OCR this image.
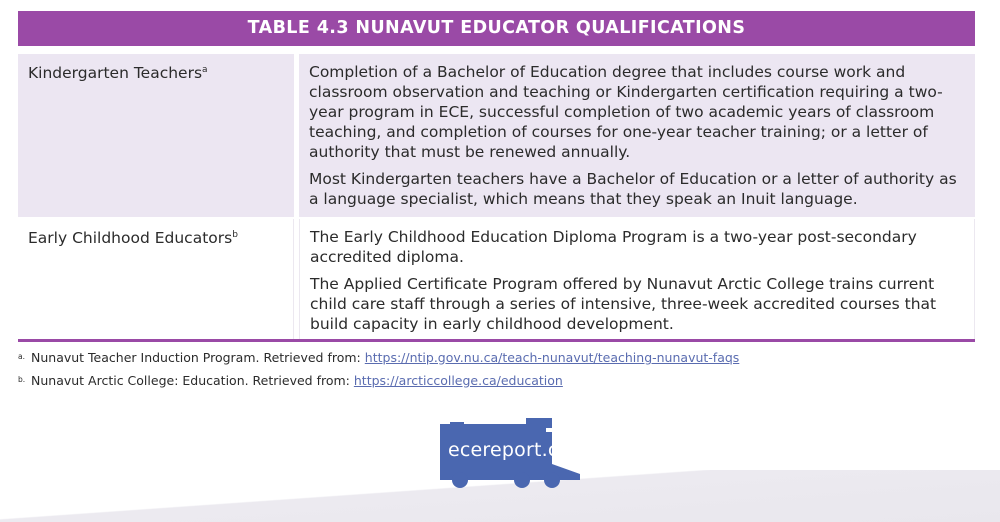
TABLE 4.3 NUNAVUT EDUCATOR QUALIFICATIONS
Kindergarten Teachers$^a$	Completion of a Bachelor of Education degree that includes course work and classroom observation and teaching or Kindergarten certification requiring a two-year program in ECE, successful completion of two academic years of classroom teaching, and completion of courses for one-year teacher training; or a letter of authority that must be renewed annually.

Most Kindergarten teachers have a Bachelor of Education or a letter of authority as a language specialist, which means that they speak an Inuit language.

Early Childhood Educators$^b$	The Early Childhood Education Diploma Program is a two-year post-secondary accredited diploma.

The Applied Certificate Program offered by Nunavut Arctic College trains current child care staff through a series of intensive, three-week accredited courses that build capacity in early childhood development.

a. Nunavut Teacher Induction Program. Retrieved from: https://ntip.gov.nu.ca/teach-nunavut/teaching-nunavut-faqs
b. Nunavut Arctic College: Education. Retrieved from: https://arcticcollege.ca/education
ecereport.ca
